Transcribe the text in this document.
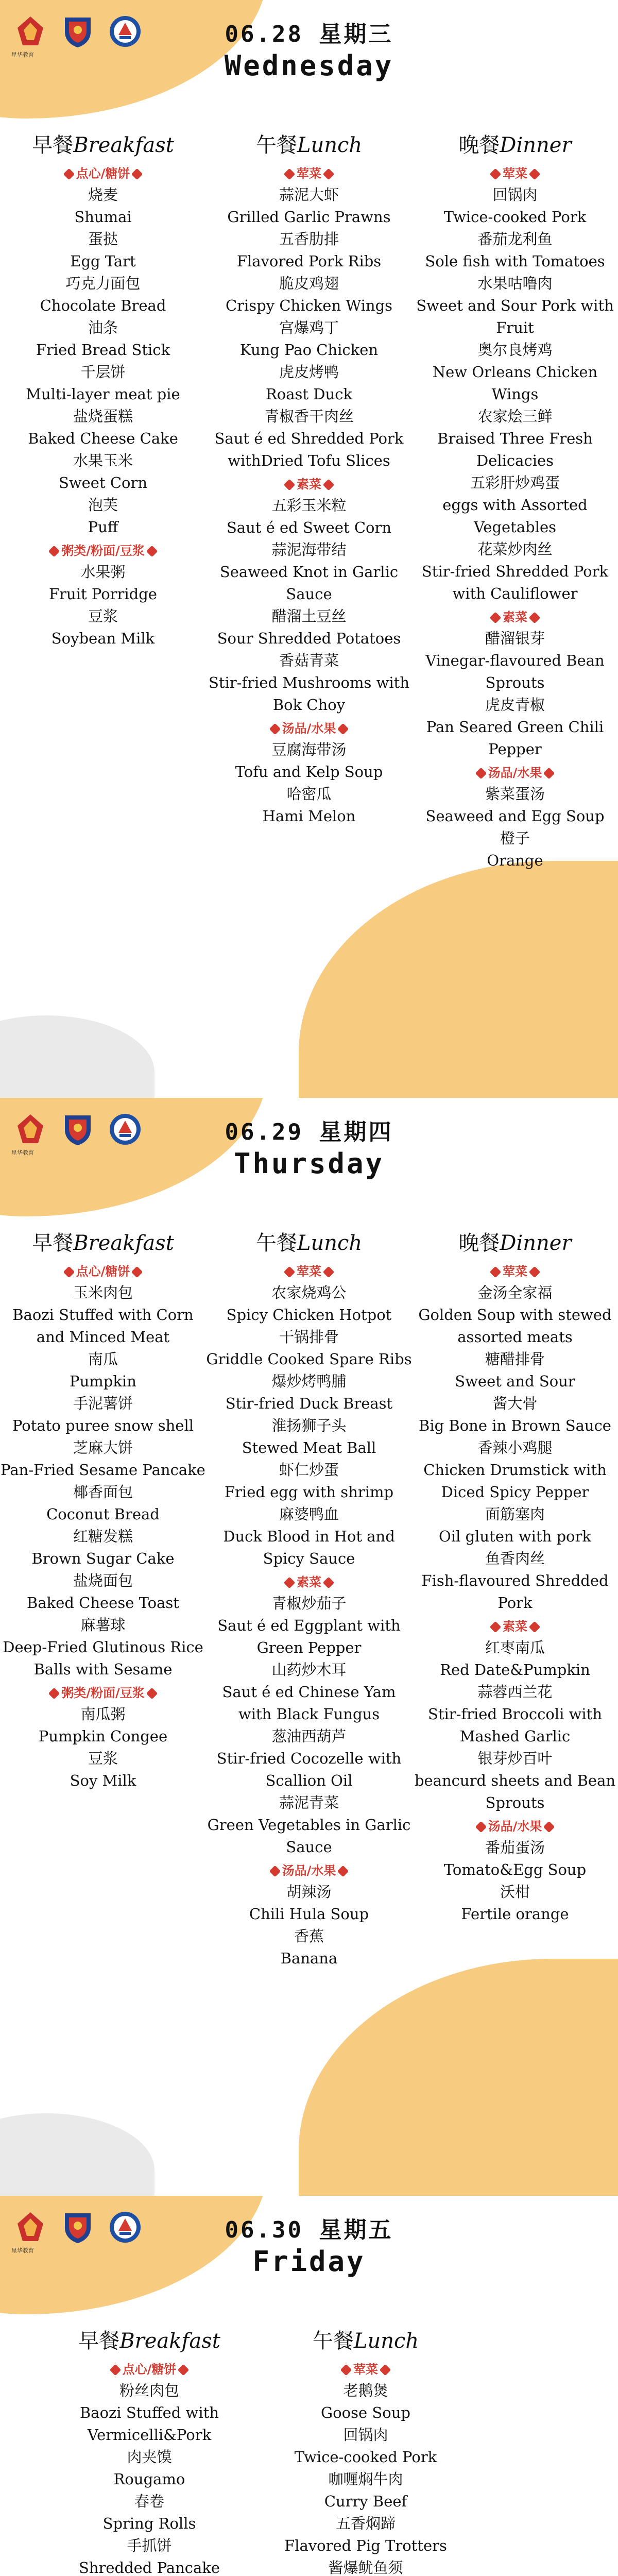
星华教育
06.28 星期三
Wednesday
早餐Breakfast
点心/糖饼
烧麦
Shumai
蛋挞
Egg Tart
巧克力面包
Chocolate Bread
油条
Fried Bread Stick
千层饼
Multi-layer meat pie
盐烧蛋糕
Baked Cheese Cake
水果玉米
Sweet Corn
泡芙
Puff
粥类/粉面/豆浆
水果粥
Fruit Porridge
豆浆
Soybean Milk
午餐Lunch
荤菜
蒜泥大虾
Grilled Garlic Prawns
五香肋排
Flavored Pork Ribs
脆皮鸡翅
Crispy Chicken Wings
宫爆鸡丁
Kung Pao Chicken
虎皮烤鸭
Roast Duck
青椒香干肉丝
Saut é ed Shredded Pork withDried Tofu Slices
素菜
五彩玉米粒
Saut é ed Sweet Corn
蒜泥海带结
Seaweed Knot in Garlic Sauce
醋溜土豆丝
Sour Shredded Potatoes
香菇青菜
Stir-fried Mushrooms with Bok Choy
汤品/水果
豆腐海带汤
Tofu and Kelp Soup
哈密瓜
Hami Melon
晚餐Dinner
荤菜
回锅肉
Twice-cooked Pork
番茄龙利鱼
Sole fish with Tomatoes
水果咕噜肉
Sweet and Sour Pork with Fruit
奥尔良烤鸡
New Orleans Chicken Wings
农家烩三鲜
Braised Three Fresh Delicacies
五彩肝炒鸡蛋
eggs with Assorted Vegetables
花菜炒肉丝
Stir-fried Shredded Pork with Cauliflower
素菜
醋溜银芽
Vinegar-flavoured Bean Sprouts
虎皮青椒
Pan Seared Green Chili Pepper
汤品/水果
紫菜蛋汤
Seaweed and Egg Soup
橙子
Orange
星华教育
06.29 星期四
Thursday
早餐Breakfast
点心/糖饼
玉米肉包
Baozi Stuffed with Corn and Minced Meat
南瓜
Pumpkin
手泥薯饼
Potato puree snow shell
芝麻大饼
Pan-Fried Sesame Pancake
椰香面包
Coconut Bread
红糖发糕
Brown Sugar Cake
盐烧面包
Baked Cheese Toast
麻薯球
Deep-Fried Glutinous Rice Balls with Sesame
粥类/粉面/豆浆
南瓜粥
Pumpkin Congee
豆浆
Soy Milk
午餐Lunch
荤菜
农家烧鸡公
Spicy Chicken Hotpot
干锅排骨
Griddle Cooked Spare Ribs
爆炒烤鸭脯
Stir-fried Duck Breast
淮扬狮子头
Stewed Meat Ball
虾仁炒蛋
Fried egg with shrimp
麻婆鸭血
Duck Blood in Hot and Spicy Sauce
素菜
青椒炒茄子
Saut é ed Eggplant with Green Pepper
山药炒木耳
Saut é ed Chinese Yam with Black Fungus
葱油西葫芦
Stir-fried Cocozelle with Scallion Oil
蒜泥青菜
Green Vegetables in Garlic Sauce
汤品/水果
胡辣汤
Chili Hula Soup
香蕉
Banana
晚餐Dinner
荤菜
金汤全家福
Golden Soup with stewed assorted meats
糖醋排骨
Sweet and Sour
酱大骨
Big Bone in Brown Sauce
香辣小鸡腿
Chicken Drumstick with Diced Spicy Pepper
面筋塞肉
Oil gluten with pork
鱼香肉丝
Fish-flavoured Shredded Pork
素菜
红枣南瓜
Red Date&Pumpkin
蒜蓉西兰花
Stir-fried Broccoli with Mashed Garlic
银芽炒百叶
beancurd sheets and Bean Sprouts
汤品/水果
番茄蛋汤
Tomato&Egg Soup
沃柑
Fertile orange
星华教育
06.30 星期五
Friday
早餐Breakfast
点心/糖饼
粉丝肉包
Baozi Stuffed with Vermicelli&Pork
肉夹馍
Rougamo
春卷
Spring Rolls
手抓饼
Shredded Pancake
午餐Lunch
荤菜
老鹅煲
Goose Soup
回锅肉
Twice-cooked Pork
咖喱焖牛肉
Curry Beef
五香焖蹄
Flavored Pig Trotters
酱爆鱿鱼须
